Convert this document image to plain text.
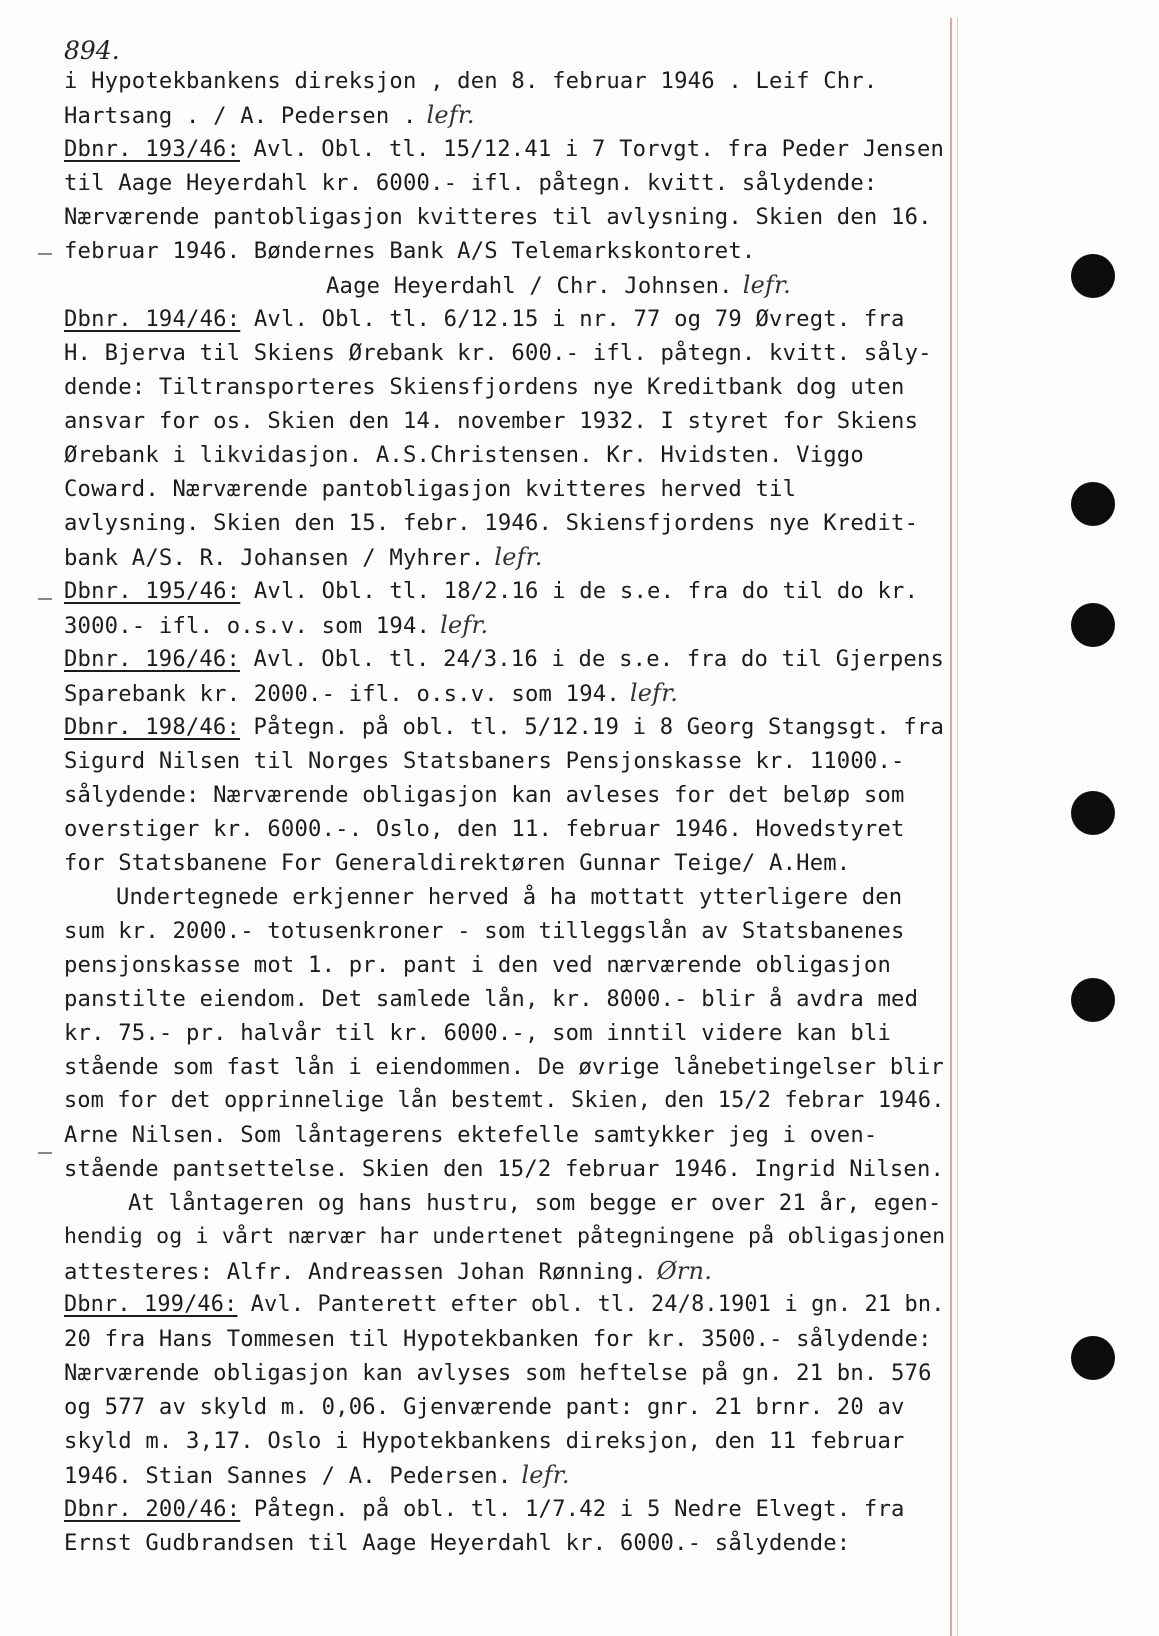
894.
i Hypotekbankens direksjon , den 8. februar 1946 . Leif Chr.
Hartsang . / A. Pedersen . lefr.
Dbnr. 193/46: Avl. Obl. tl. 15/12.41 i 7 Torvgt. fra Peder Jensen
til Aage Heyerdahl kr. 6000.- ifl. påtegn. kvitt. sålydende:
Nærværende pantobligasjon kvitteres til avlysning. Skien den 16.
februar 1946. Bøndernes Bank A/S Telemarkskontoret.
Aage Heyerdahl / Chr. Johnsen. lefr.
Dbnr. 194/46: Avl. Obl. tl. 6/12.15 i nr. 77 og 79 Øvregt. fra
H. Bjerva til Skiens Ørebank kr. 600.- ifl. påtegn. kvitt. såly-
dende: Tiltransporteres Skiensfjordens nye Kreditbank dog uten
ansvar for os. Skien den 14. november 1932. I styret for Skiens
Ørebank i likvidasjon. A.S.Christensen. Kr. Hvidsten. Viggo
Coward. Nærværende pantobligasjon kvitteres herved til
avlysning. Skien den 15. febr. 1946. Skiensfjordens nye Kredit-
bank A/S. R. Johansen / Myhrer. lefr.
Dbnr. 195/46: Avl. Obl. tl. 18/2.16 i de s.e. fra do til do kr.
3000.- ifl. o.s.v. som 194. lefr.
Dbnr. 196/46: Avl. Obl. tl. 24/3.16 i de s.e. fra do til Gjerpens
Sparebank kr. 2000.- ifl. o.s.v. som 194. lefr.
Dbnr. 198/46: Påtegn. på obl. tl. 5/12.19 i 8 Georg Stangsgt. fra
Sigurd Nilsen til Norges Statsbaners Pensjonskasse kr. 11000.-
sålydende: Nærværende obligasjon kan avleses for det beløp som
overstiger kr. 6000.-. Oslo, den 11. februar 1946. Hovedstyret
for Statsbanene For Generaldirektøren Gunnar Teige/ A.Hem.
Undertegnede erkjenner herved å ha mottatt ytterligere den
sum kr. 2000.- totusenkroner - som tilleggslån av Statsbanenes
pensjonskasse mot 1. pr. pant i den ved nærværende obligasjon
panstilte eiendom. Det samlede lån, kr. 8000.- blir å avdra med
kr. 75.- pr. halvår til kr. 6000.-, som inntil videre kan bli
stående som fast lån i eiendommen. De øvrige lånebetingelser blir
som for det opprinnelige lån bestemt. Skien, den 15/2 febrar 1946.
Arne Nilsen. Som låntagerens ektefelle samtykker jeg i oven-
stående pantsettelse. Skien den 15/2 februar 1946. Ingrid Nilsen.
At låntageren og hans hustru, som begge er over 21 år, egen-
hendig og i vårt nærvær har undertenet påtegningene på obligasjonen
attesteres: Alfr. Andreassen Johan Rønning. Ørn.
Dbnr. 199/46: Avl. Panterett efter obl. tl. 24/8.1901 i gn. 21 bn.
20 fra Hans Tommesen til Hypotekbanken for kr. 3500.- sålydende:
Nærværende obligasjon kan avlyses som heftelse på gn. 21 bn. 576
og 577 av skyld m. 0,06. Gjenværende pant: gnr. 21 brnr. 20 av
skyld m. 3,17. Oslo i Hypotekbankens direksjon, den 11 februar
1946. Stian Sannes / A. Pedersen. lefr.
Dbnr. 200/46: Påtegn. på obl. tl. 1/7.42 i 5 Nedre Elvegt. fra
Ernst Gudbrandsen til Aage Heyerdahl kr. 6000.- sålydende:
